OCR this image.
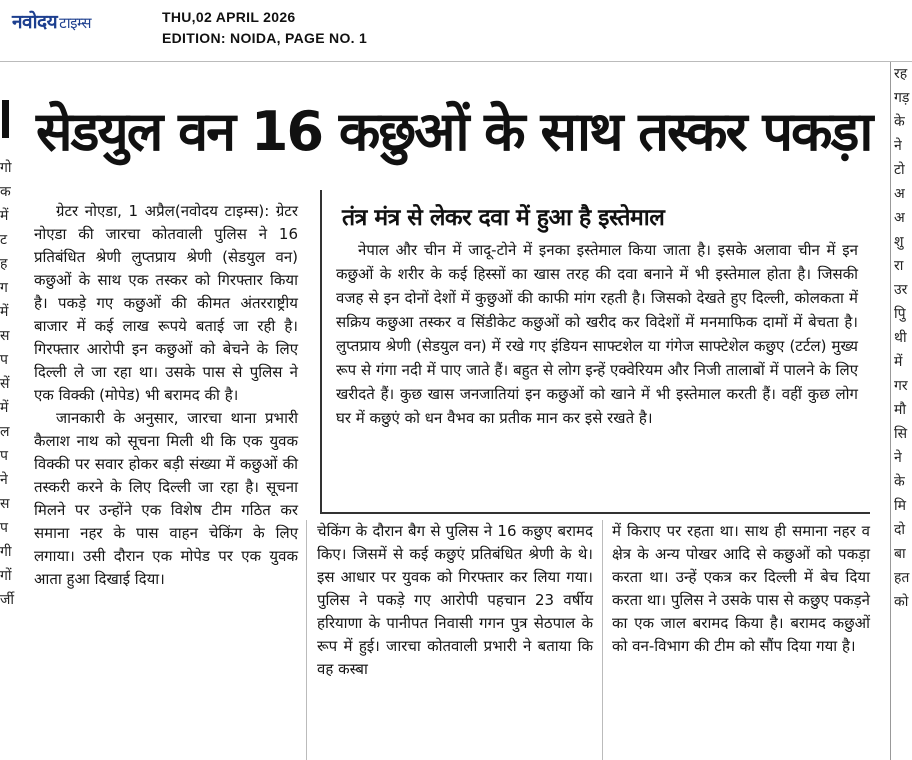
नवोदय टाइम्स	THU,02 APRIL 2026
EDITION: NOIDA, PAGE NO. 1
गो
क
में
ट
ह
ग
में
स
प
सें
में
ल
प
ने
स
प
गी
गों
र्जी
रह
गड़
के
ने
टो
अ
अ
शु
रा
उर
पुि
थी
में
गर
मौ
सि
ने
के
मि
दो
बा
हत
को
सेडयुल वन 16 कछुओं के साथ तस्कर पकड़ा

ग्रेटर नोएडा, 1 अप्रैल(नवोदय टाइम्स): ग्रेटर नोएडा की जारचा कोतवाली पुलिस ने 16 प्रतिबंधित श्रेणी लुप्तप्राय श्रेणी (सेडयुल वन) कछुओं के साथ एक तस्कर को गिरफ्तार किया है। पकड़े गए कछुओं की कीमत अंतरराष्ट्रीय बाजार में कई लाख रूपये बताई जा रही है। गिरफ्तार आरोपी इन कछुओं को बेचने के लिए दिल्ली ले जा रहा था। उसके पास से पुलिस ने एक विक्की (मोपेड) भी बरामद की है।

जानकारी के अनुसार, जारचा थाना प्रभारी कैलाश नाथ को सूचना मिली थी कि एक युवक विक्की पर सवार होकर बड़ी संख्या में कछुओं की तस्करी करने के लिए दिल्ली जा रहा है। सूचना मिलने पर उन्होंने एक विशेष टीम गठित कर समाना नहर के पास वाहन चेकिंग के लिए लगाया। उसी दौरान एक मोपेड पर एक युवक आता हुआ दिखाई दिया।

तंत्र मंत्र से लेकर दवा में हुआ है इस्तेमाल

नेपाल और चीन में जादू-टोने में इनका इस्तेमाल किया जाता है। इसके अलावा चीन में इन कछुओं के शरीर के कई हिस्सों का खास तरह की दवा बनाने में भी इस्तेमाल होता है। जिसकी वजह से इन दोनों देशों में कुछुओं की काफी मांग रहती है। जिसको देखते हुए दिल्ली, कोलकता में सक्रिय कछुआ तस्कर व सिंडीकेट कछुओं को खरीद कर विदेशों में मनमाफिक दामों में बेचता है। लुप्तप्राय श्रेणी (सेडयुल वन) में रखे गए इंडियन साफ्टशेल या गंगेज साफ्टेशेल कछुए (टर्टल) मुख्य रूप से गंगा नदी में पाए जाते हैं। बहुत से लोग इन्हें एक्वेरियम और निजी तालाबों में पालने के लिए खरीदते हैं। कुछ खास जनजातियां इन कछुओं को खाने में भी इस्तेमाल करती हैं। वहीं कुछ लोग घर में कछुएं को धन वैभव का प्रतीक मान कर इसे रखते है।

चेकिंग के दौरान बैग से पुलिस ने 16 कछुए बरामद किए। जिसमें से कई कछुएं प्रतिबंधित श्रेणी के थे।इस आधार पर युवक को गिरफ्तार कर लिया गया। पुलिस ने पकड़े गए आरोपी पहचान 23 वर्षीय हरियाणा के पानीपत निवासी गगन पुत्र सेठपाल के रूप में हुई। जारचा कोतवाली प्रभारी ने बताया कि वह कस्बा

में किराए पर रहता था। साथ ही समाना नहर व क्षेत्र के अन्य पोखर आदि से कछुओं को पकड़ा करता था। उन्हें एकत्र कर दिल्ली में बेच दिया करता था। पुलिस ने उसके पास से कछुए पकड़ने का एक जाल बरामद किया है। बरामद कछुओं को वन-विभाग की टीम को सौंप दिया गया है।
